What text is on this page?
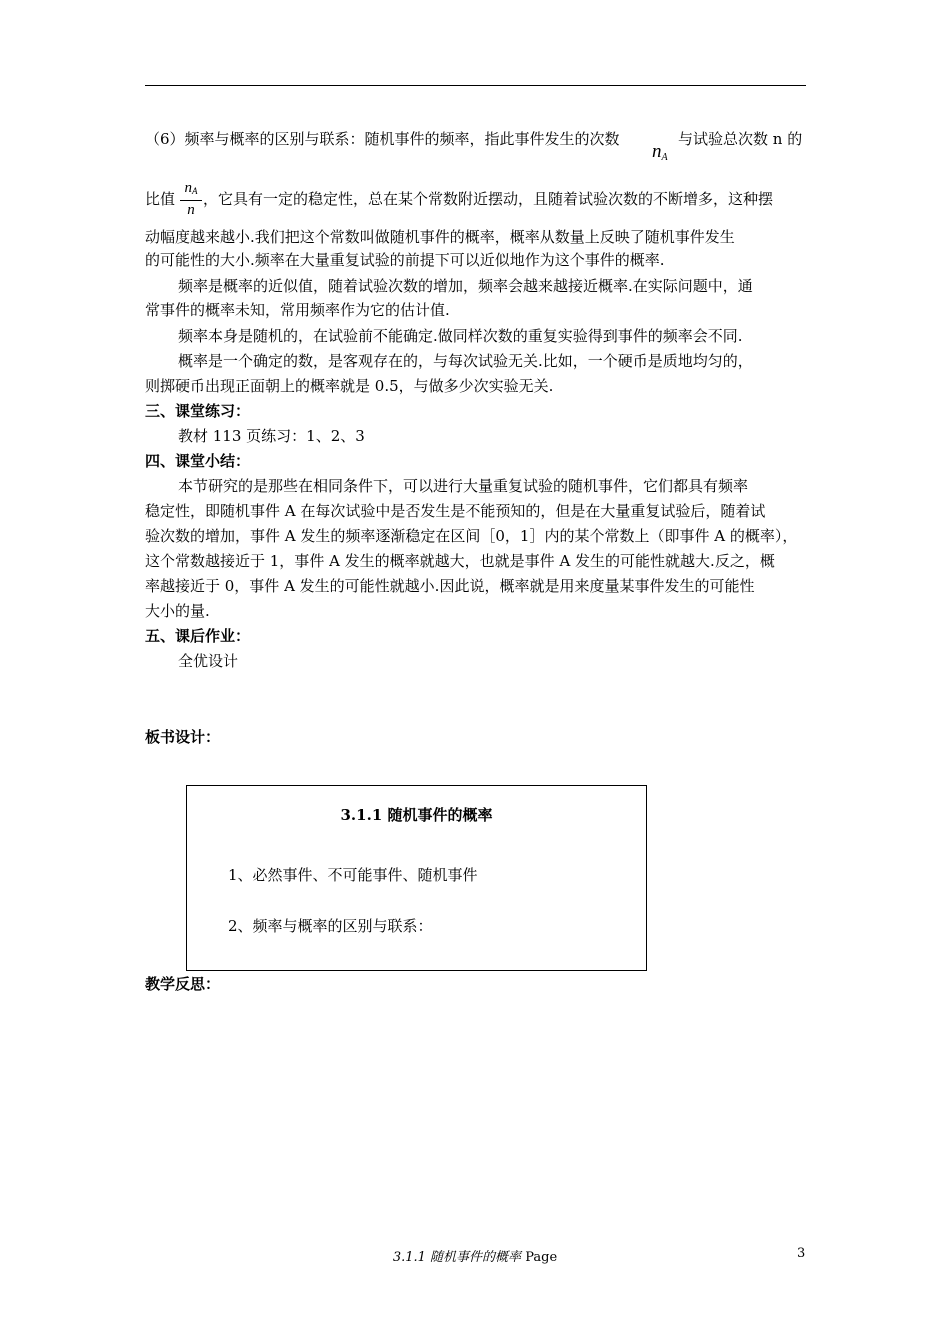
（6）频率与概率的区别与联系：随机事件的频率，指此事件发生的次数
$n_A$
与试验总次数 n 的
比值 $\frac{n_A}{n}$ ，它具有一定的稳定性，总在某个常数附近摆动，且随着试验次数的不断增多，这种摆
动幅度越来越小.我们把这个常数叫做随机事件的概率，概率从数量上反映了随机事件发生
的可能性的大小.频率在大量重复试验的前提下可以近似地作为这个事件的概率.
频率是概率的近似值，随着试验次数的增加，频率会越来越接近概率.在实际问题中，通
常事件的概率未知，常用频率作为它的估计值.
频率本身是随机的，在试验前不能确定.做同样次数的重复实验得到事件的频率会不同.
概率是一个确定的数，是客观存在的，与每次试验无关.比如，一个硬币是质地均匀的，
则掷硬币出现正面朝上的概率就是 0.5，与做多少次实验无关.
三、课堂练习：
教材 113 页练习：1、2、3
四、课堂小结：
本节研究的是那些在相同条件下，可以进行大量重复试验的随机事件，它们都具有频率
稳定性，即随机事件 A 在每次试验中是否发生是不能预知的，但是在大量重复试验后，随着试
验次数的增加，事件 A 发生的频率逐渐稳定在区间［0，1］内的某个常数上（即事件 A 的概率），
这个常数越接近于 1，事件 A 发生的概率就越大，也就是事件 A 发生的可能性就越大.反之，概
率越接近于 0，事件 A 发生的可能性就越小.因此说，概率就是用来度量某事件发生的可能性
大小的量.
五、课后作业：
全优设计
板书设计：
3.1.1 随机事件的概率
1、必然事件、不可能事件、随机事件
2、频率与概率的区别与联系：
教学反思：
3.1.1 随机事件的概率 Page	3
